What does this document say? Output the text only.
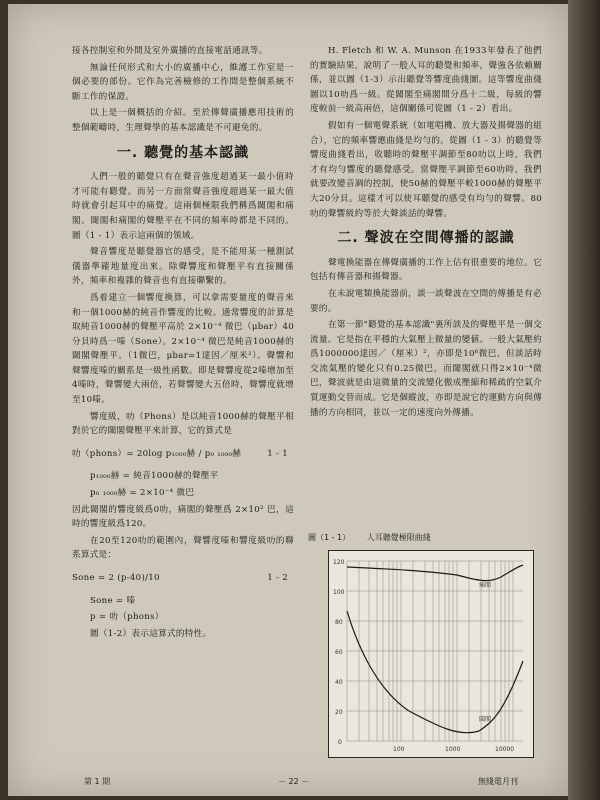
接各控制室和外間及室外廣播的直接電話通訊等。

無論任何形式和大小的廣播中心，維護工作室是一個必要的部份。它作為完善檢修的工作間是整個系統不斷工作的保證。

以上是一個概括的介紹。至於傳聲廣播應用技術的整個範疇時，生理聲學的基本認識是不可避免的。

一. 聽覺的基本認識

人們一般的聽覺只有在聲音強度超過某一最小值時才可能有聽覺。而另一方面當聲音強度超過某一最大值時就會引起耳中的痛覺。這兩個極限我們稱爲閾閣和痛閣。閾閣和痛閣的聲壓平在不同的頻率時都是不同的。圖（1 - 1）表示這兩個的領域。

聲音響度是聽覺器官的感受，是不能用某一種測試儀器準確地量度出來。除聲響度和聲壓平有直接關係外，頻率和複雜的聲音也有直接聯繫的。

爲着建立一個響度換算，可以拿需要量度的聲音來和一個1000赫的純音作響度的比較。通常響度的計算是取純音1000赫的聲壓平高於 2×10⁻⁴ 微巴（μbar）40分貝時爲一嗪（Sone）。2×10⁻⁴ 微巴是純音1000赫的閾閣聲壓平。（1微巴，μbar=1達因／厘米²）。聲響和聲響度嗪的關系是一級性函數。即是聲響度從2嗪增加至4嗪時，聲響變大兩倍，若聲響變大五倍時，聲響度就增至10嗪。

響度級，叻（Phons）是以純音1000赫的聲壓平相對於它的閾閣聲壓平來計算，它的算式是

叻（phons）= 20log p₁₀₀₀赫 / p₀ ₁₀₀₀赫	1 - 1

p₁₀₀₀赫 = 純音1000赫的聲壓平

p₀ ₁₀₀₀赫 = 2×10⁻⁴ 微巴

因此閾閣的響度級爲0叻，痛閣的聲壓爲 2×10² 巴，這時的響度級爲120。

在20至120叻的範圍內，聲響度嗪和響度級叻的聯系算式是：

Sone = 2 (p-40)/10	1 - 2

Sone = 嗪

p = 叻（phons）

圖（1-2）表示這算式的特性。

H. Fletch 和 W. A. Munson 在1933年發表了他們的實驗結果，說明了一般人耳的聽覺和頻率，聲強各依賴關係，並以圖（1-3）示出聽覺等響度曲綫圖。這等響度曲綫圖以10叻爲一級。從閾閣至痛閣間分爲十二級，每級的響度較前一級高兩倍，這個關係可從圖（1 - 2）看出。

假如有一個電聲系統（如電唱機、放大器及揚聲器的組合），它的頻率響應曲綫是均勻的。從圖（1 - 3）的聽覺等響度曲綫看出，收聽時的聲壓平調節至80叻以上時，我們才有均勻響度的聽覺感受。當聲壓平調節至60叻時，我們就要改變音調的控制，使50赫的聲壓平較1000赫的聲壓平大20分貝。這樣才可以使耳聽覺的感受有均勻的聲響。80叻的聲響級約等於大聲談話的聲響。

二. 聲波在空間傳播的認識

聲電換能器在傳聲廣播的工作上佔有很重要的地位。它包括有傳音器和揚聲器。

在未說電類換能器前，談一談聲波在空間的傳播是有必要的。

在第一節"聽覺的基本認識"裏所談及的聲壓平是一個交流量。它是指在平穩的大氣壓上微量的變値。一般大氣壓約爲1000000達因／（厘米）²，亦即是10⁶微巴，但談話時交流氣壓的變化只有0.25微巴，而閾閣就只得2×10⁻⁴微巴，聲波就是由這微量的交流變化傲成壓縮和稀疏的空氣介質運動交替而成。它是個縱波，亦即是說它的運動方向與傳播的方向相同，並以一定的速度向外傳播。

圖（1 - 1） 人耳聽覺極限曲綫
120
100
80
60
40
20
0
100	1000	10000
痛閣
閾閣
第 1 期	－ 22 －	無綫電月刊
